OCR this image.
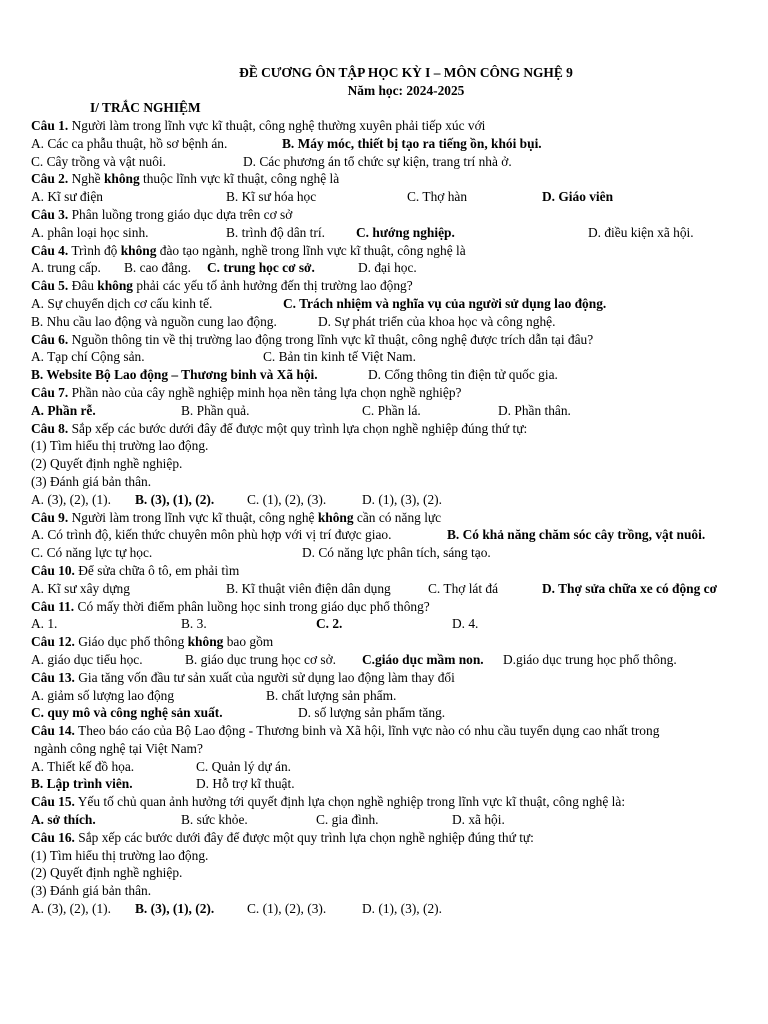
ĐỀ CƯƠNG ÔN TẬP HỌC KỲ I – MÔN CÔNG NGHỆ 9
Năm học: 2024-2025
I/ TRẮC NGHIỆM
Câu 1. Người làm trong lĩnh vực kĩ thuật, công nghệ thường xuyên phải tiếp xúc với
A. Các ca phẫu thuật, hồ sơ bệnh án.	B. Máy móc, thiết bị tạo ra tiếng ồn, khói bụi.
C. Cây trồng và vật nuôi.	D. Các phương án tổ chức sự kiện, trang trí nhà ở.
Câu 2. Nghề không thuộc lĩnh vực kĩ thuật, công nghệ là
A. Kĩ sư điện	B. Kĩ sư hóa học	C. Thợ hàn	D. Giáo viên
Câu 3. Phân luồng trong giáo dục dựa trên cơ sở
A. phân loại học sinh.	B. trình độ dân trí. C. hướng nghiệp.	D. điều kiện xã hội.
Câu 4. Trình độ không đào tạo ngành, nghề trong lĩnh vực kĩ thuật, công nghệ là
A. trung cấp. B. cao đẳng. C. trung học cơ sở.	D. đại học.
Câu 5. Đâu không phải các yếu tố ảnh hưởng đến thị trường lao động?
A. Sự chuyển dịch cơ cấu kinh tế.	C. Trách nhiệm và nghĩa vụ của người sử dụng lao động.
B. Nhu cầu lao động và nguồn cung lao động.	D. Sự phát triển của khoa học và công nghệ.
Câu 6. Nguồn thông tin về thị trường lao động trong lĩnh vực kĩ thuật, công nghệ được trích dẫn tại đâu?
A. Tạp chí Cộng sản.	C. Bản tin kinh tế Việt Nam.
B. Website Bộ Lao động – Thương binh và Xã hội.	D. Cổng thông tin điện tử quốc gia.
Câu 7. Phần nào của cây nghề nghiệp minh họa nền tảng lựa chọn nghề nghiệp?
A. Phần rễ.	B. Phần quả.	C. Phần lá.	D. Phần thân.
Câu 8. Sắp xếp các bước dưới đây để được một quy trình lựa chọn nghề nghiệp đúng thứ tự:
(1) Tìm hiểu thị trường lao động.
(2) Quyết định nghề nghiệp.
(3) Đánh giá bản thân.
A. (3), (2), (1). B. (3), (1), (2). C. (1), (2), (3).	D. (1), (3), (2).
Câu 9. Người làm trong lĩnh vực kĩ thuật, công nghệ không cần có năng lực
A. Có trình độ, kiến thức chuyên môn phù hợp với vị trí được giao.	B. Có khả năng chăm sóc cây trồng, vật nuôi.
C. Có năng lực tự học.	D. Có năng lực phân tích, sáng tạo.
Câu 10. Để sửa chữa ô tô, em phải tìm
A. Kĩ sư xây dựng	B. Kĩ thuật viên điện dân dụng	C. Thợ lát đá	D. Thợ sửa chữa xe có động cơ
Câu 11. Có mấy thời điểm phân luồng học sinh trong giáo dục phổ thông?
A. 1.	B. 3.	C. 2.	D. 4.
Câu 12. Giáo dục phổ thông không bao gồm
A. giáo dục tiểu học.	B. giáo dục trung học cơ sở. C.giáo dục mầm non. D.giáo dục trung học phổ thông.
Câu 13. Gia tăng vốn đầu tư sản xuất của người sử dụng lao động làm thay đổi
A. giảm số lượng lao động	B. chất lượng sản phẩm.
C. quy mô và công nghệ sản xuất.	D. số lượng sản phẩm tăng.
Câu 14. Theo báo cáo của Bộ Lao động - Thương binh và Xã hội, lĩnh vực nào có nhu cầu tuyển dụng cao nhất trong
ngành công nghệ tại Việt Nam?
A. Thiết kế đồ họa.	C. Quản lý dự án.
B. Lập trình viên.	D. Hỗ trợ kĩ thuật.
Câu 15. Yếu tố chủ quan ảnh hưởng tới quyết định lựa chọn nghề nghiệp trong lĩnh vực kĩ thuật, công nghệ là:
A. sở thích.	B. sức khỏe.	C. gia đình.	D. xã hội.
Câu 16. Sắp xếp các bước dưới đây để được một quy trình lựa chọn nghề nghiệp đúng thứ tự:
(1) Tìm hiểu thị trường lao động.
(2) Quyết định nghề nghiệp.
(3) Đánh giá bản thân.
A. (3), (2), (1). B. (3), (1), (2). C. (1), (2), (3).	D. (1), (3), (2).
